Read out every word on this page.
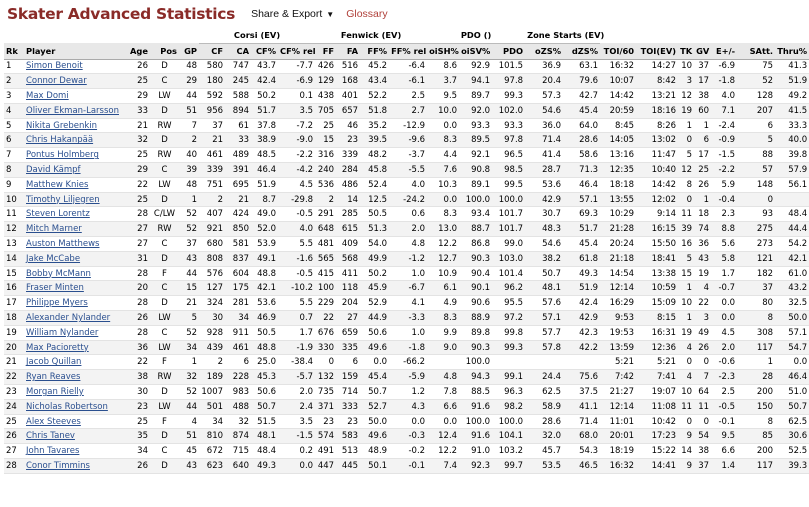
Skater Advanced Statistics Share & Export ▼ Glossary
					Corsi (EV)				Fenwick (EV)				PDO ()			Zone Starts (EV)								
Rk	Player	Age	Pos	GP	CF	CA	CF%	CF% rel	FF	FA	FF%	FF% rel	oiSH%	oiSV%	PDO	oZS%	dZS%	TOI/60	TOI(EV)	TK	GV	E+/-	SAtt.	Thru%
1	Simon Benoit	26	D	48	580	747	43.7	-7.7	426	516	45.2	-6.4	8.6	92.9	101.5	36.9	63.1	16:32	14:27	10	37	-6.9	75	41.3
2	Connor Dewar	25	C	29	180	245	42.4	-6.9	129	168	43.4	-6.1	3.7	94.1	97.8	20.4	79.6	10:07	8:42	3	17	-1.8	52	51.9
3	Max Domi	29	LW	44	592	588	50.2	0.1	438	401	52.2	2.5	9.5	89.7	99.3	57.3	42.7	14:42	13:21	12	38	4.0	128	49.2
4	Oliver Ekman-Larsson	33	D	51	956	894	51.7	3.5	705	657	51.8	2.7	10.0	92.0	102.0	54.6	45.4	20:59	18:16	19	60	7.1	207	41.5
5	Nikita Grebenkin	21	RW	7	37	61	37.8	-7.2	25	46	35.2	-12.9	0.0	93.3	93.3	36.0	64.0	8:45	8:26	1	1	-2.4	6	33.3
6	Chris Hakanpää	32	D	2	21	33	38.9	-9.0	15	23	39.5	-9.6	8.3	89.5	97.8	71.4	28.6	14:05	13:02	0	6	-0.9	5	40.0
7	Pontus Holmberg	25	RW	40	461	489	48.5	-2.2	316	339	48.2	-3.7	4.4	92.1	96.5	41.4	58.6	13:16	11:47	5	17	-1.5	88	39.8
8	David Kämpf	29	C	39	339	391	46.4	-4.2	240	284	45.8	-5.5	7.6	90.8	98.5	28.7	71.3	12:35	10:40	12	25	-2.2	57	57.9
9	Matthew Knies	22	LW	48	751	695	51.9	4.5	536	486	52.4	4.0	10.3	89.1	99.5	53.6	46.4	18:18	14:42	8	26	5.9	148	56.1
10	Timothy Liljegren	25	D	1	2	21	8.7	-29.8	2	14	12.5	-24.2	0.0	100.0	100.0	42.9	57.1	13:55	12:02	0	1	-0.4	0	
11	Steven Lorentz	28	C/LW	52	407	424	49.0	-0.5	291	285	50.5	0.6	8.3	93.4	101.7	30.7	69.3	10:29	9:14	11	18	2.3	93	48.4
12	Mitch Marner	27	RW	52	921	850	52.0	4.0	648	615	51.3	2.0	13.0	88.7	101.7	48.3	51.7	21:28	16:15	39	74	8.8	275	44.4
13	Auston Matthews	27	C	37	680	581	53.9	5.5	481	409	54.0	4.8	12.2	86.8	99.0	54.6	45.4	20:24	15:50	16	36	5.6	273	54.2
14	Jake McCabe	31	D	43	808	837	49.1	-1.6	565	568	49.9	-1.2	12.7	90.3	103.0	38.2	61.8	21:18	18:41	5	43	5.8	121	42.1
15	Bobby McMann	28	F	44	576	604	48.8	-0.5	415	411	50.2	1.0	10.9	90.4	101.4	50.7	49.3	14:54	13:38	15	19	1.7	182	61.0
16	Fraser Minten	20	C	15	127	175	42.1	-10.2	100	118	45.9	-6.7	6.1	90.1	96.2	48.1	51.9	12:14	10:59	1	4	-0.7	37	43.2
17	Philippe Myers	28	D	21	324	281	53.6	5.5	229	204	52.9	4.1	4.9	90.6	95.5	57.6	42.4	16:29	15:09	10	22	0.0	80	32.5
18	Alexander Nylander	26	LW	5	30	34	46.9	0.7	22	27	44.9	-3.3	8.3	88.9	97.2	57.1	42.9	9:53	8:15	1	3	0.0	8	50.0
19	William Nylander	28	C	52	928	911	50.5	1.7	676	659	50.6	1.0	9.9	89.8	99.8	57.7	42.3	19:53	16:31	19	49	4.5	308	57.1
20	Max Pacioretty	36	LW	34	439	461	48.8	-1.9	330	335	49.6	-1.8	9.0	90.3	99.3	57.8	42.2	13:59	12:36	4	26	2.0	117	54.7
21	Jacob Quillan	22	F	1	2	6	25.0	-38.4	0	6	0.0	-66.2		100.0				5:21	5:21	0	0	-0.6	1	0.0
22	Ryan Reaves	38	RW	32	189	228	45.3	-5.7	132	159	45.4	-5.9	4.8	94.3	99.1	24.4	75.6	7:42	7:41	4	7	-2.3	28	46.4
23	Morgan Rielly	30	D	52	1007	983	50.6	2.0	735	714	50.7	1.2	7.8	88.5	96.3	62.5	37.5	21:27	19:07	10	64	2.5	200	51.0
24	Nicholas Robertson	23	LW	44	501	488	50.7	2.4	371	333	52.7	4.3	6.6	91.6	98.2	58.9	41.1	12:14	11:08	11	11	-0.5	150	50.7
25	Alex Steeves	25	F	4	34	32	51.5	3.5	23	23	50.0	0.0	0.0	100.0	100.0	28.6	71.4	11:01	10:42	0	0	-0.1	8	62.5
26	Chris Tanev	35	D	51	810	874	48.1	-1.5	574	583	49.6	-0.3	12.4	91.6	104.1	32.0	68.0	20:01	17:23	9	54	9.5	85	30.6
27	John Tavares	34	C	45	672	715	48.4	0.2	491	513	48.9	-0.2	12.2	91.0	103.2	45.7	54.3	18:19	15:22	14	38	6.6	200	52.5
28	Conor Timmins	26	D	43	623	640	49.3	0.0	447	445	50.1	-0.1	7.4	92.3	99.7	53.5	46.5	16:32	14:41	9	37	1.4	117	39.3
